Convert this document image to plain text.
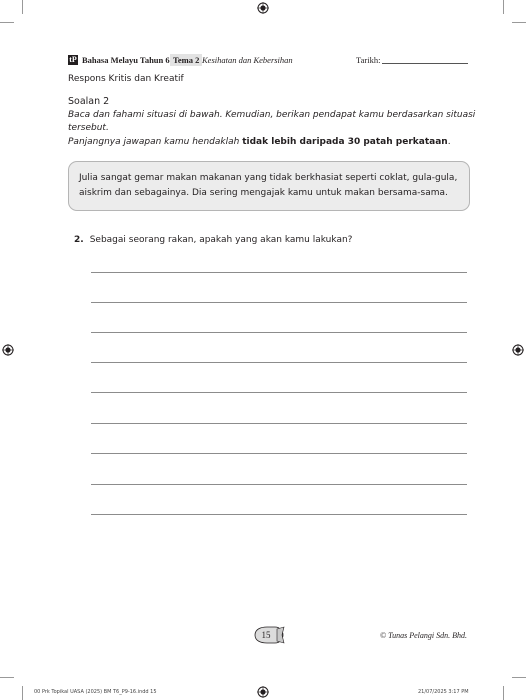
tP Bahasa Melayu Tahun 6 Tema 2 Kesihatan dan Kebersihan	Tarikh:
Respons Kritis dan Kreatif
Soalan 2
Baca dan fahami situasi di bawah. Kemudian, berikan pendapat kamu berdasarkan situasi tersebut.
Panjangnya jawapan kamu hendaklah tidak lebih daripada 30 patah perkataan.
Julia sangat gemar makan makanan yang tidak berkhasiat seperti coklat, gula-gula, aiskrim dan sebagainya. Dia sering mengajak kamu untuk makan bersama-sama.
2. Sebagai seorang rakan, apakah yang akan kamu lakukan?
15	© Tunas Pelangi Sdn. Bhd.
00 Prk Topikal UASA (2025) BM T6_P9-16.indd 15	21/07/2025 3:17 PM
